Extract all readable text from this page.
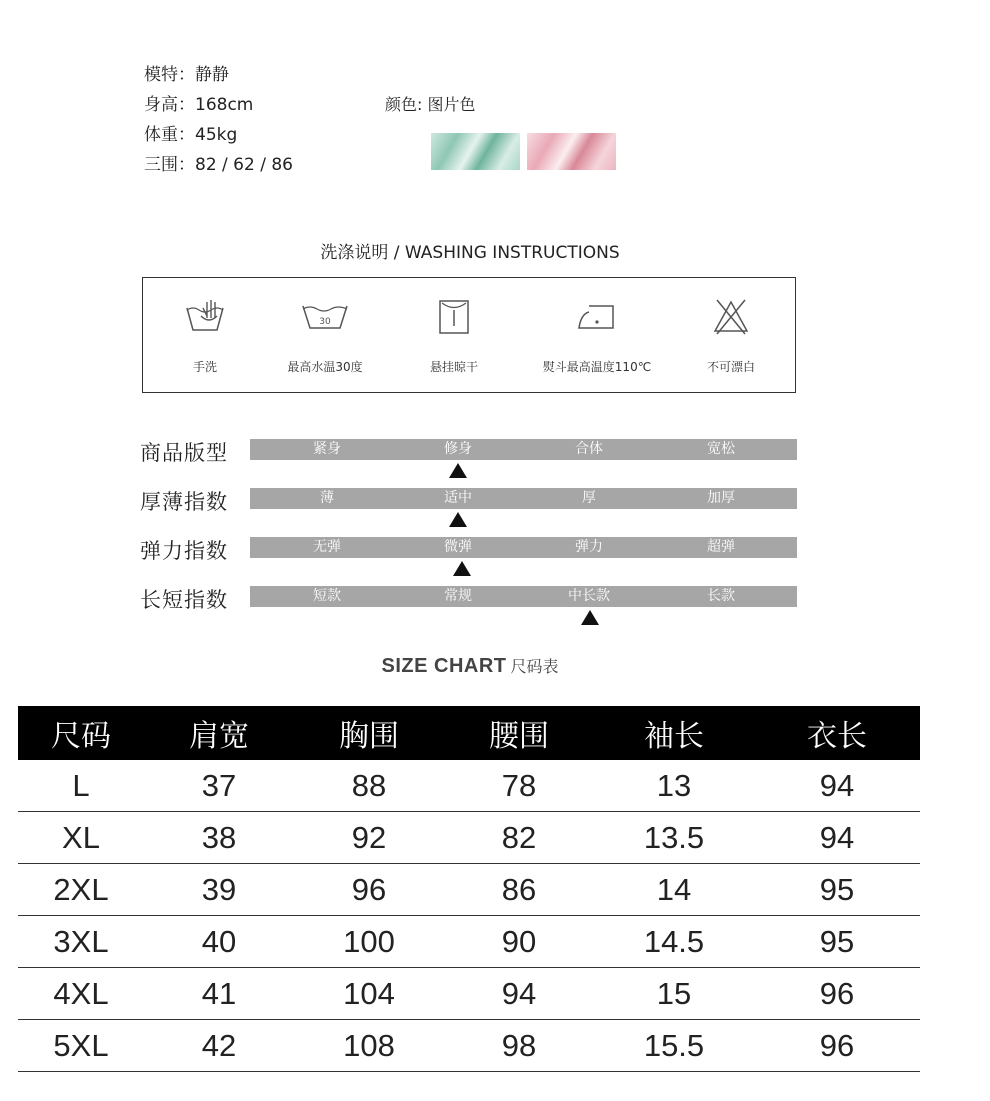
模特：静静
身高：168cm
体重：45kg
三围：82 / 62 / 86
颜色: 图片色
洗涤说明 / WASHING INSTRUCTIONS
手洗
30
最高水温30度	悬挂晾干	熨斗最高温度110℃	不可漂白
商品版型	紧身	修身	合体	宽松
厚薄指数	薄	适中	厚	加厚
弹力指数	无弹	微弹	弹力	超弹
长短指数	短款	常规	中长款	长款
SIZE CHART 尺码表
尺码	肩宽	胸围	腰围	袖长	衣长
L	37	88	78	13	94
XL	38	92	82	13.5	94
2XL	39	96	86	14	95
3XL	40	100	90	14.5	95
4XL	41	104	94	15	96
5XL	42	108	98	15.5	96
